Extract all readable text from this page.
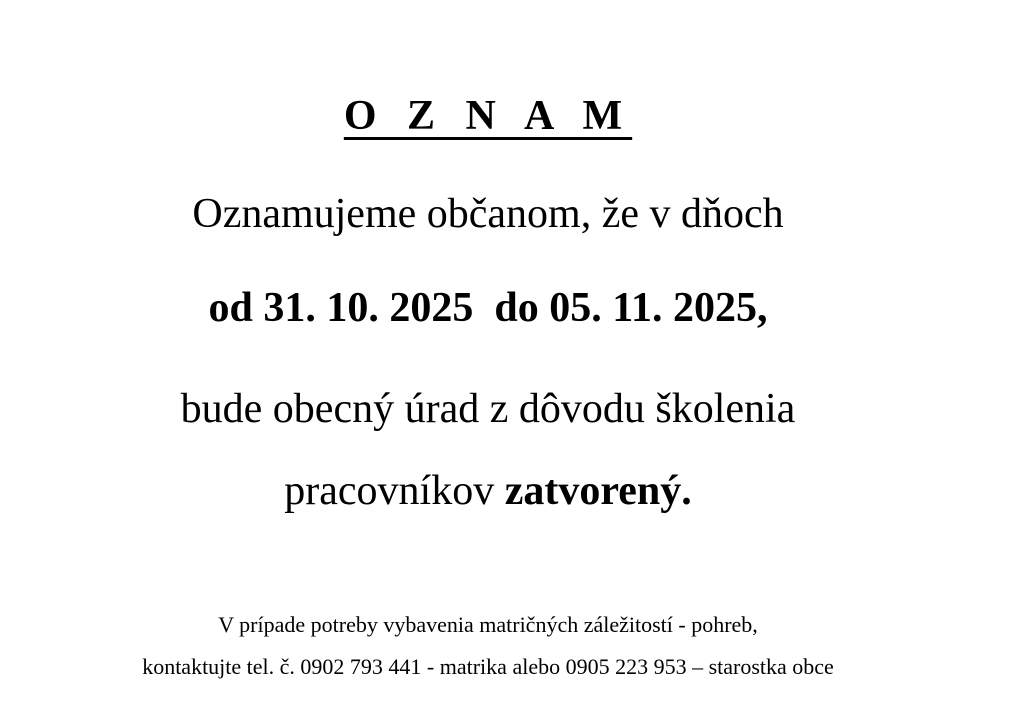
O Z N A M
Oznamujeme občanom, že v dňoch
od 31. 10. 2025  do 05. 11. 2025,
bude obecný úrad z dôvodu školenia
pracovníkov zatvorený.
V prípade potreby vybavenia matričných záležitostí - pohreb,
kontaktujte tel. č. 0902 793 441 - matrika alebo 0905 223 953 – starostka obce
